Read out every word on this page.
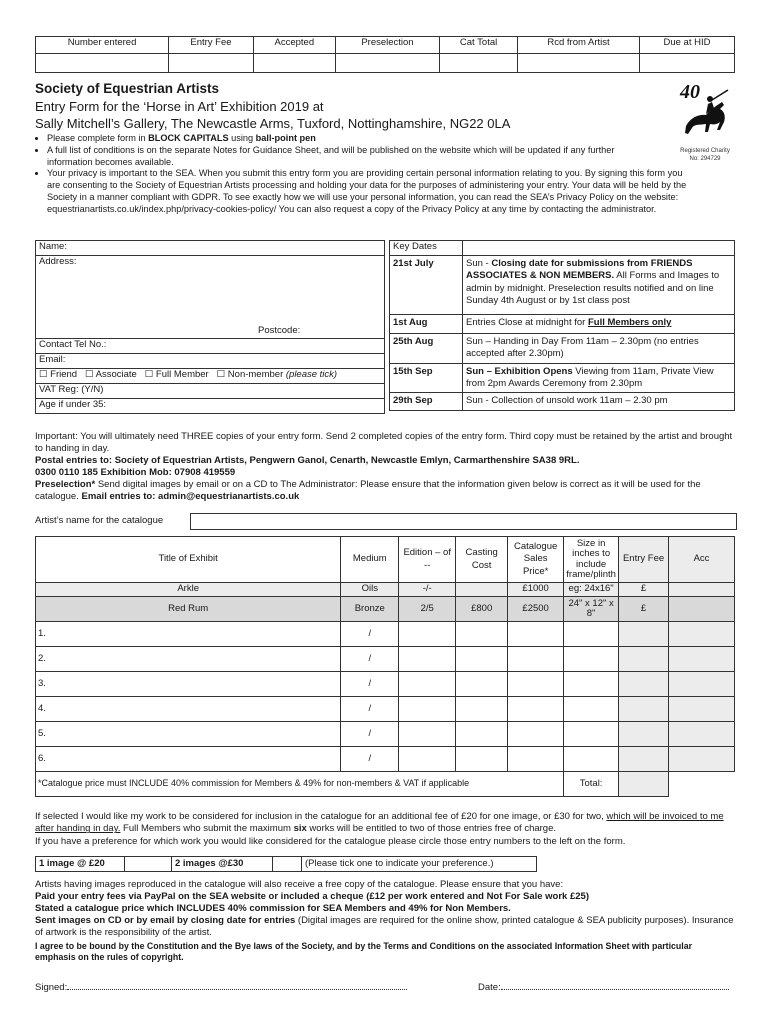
Number entered	Entry Fee	Accepted	Preselection	Cat Total	Rcd from Artist	Due at HID

Society of Equestrian Artists
Entry Form for the ‘Horse in Art’ Exhibition 2019 at
Sally Mitchell’s Gallery, The Newcastle Arms, Tuxford, Nottinghamshire, NG22 0LA
40
Registered Charity
No: 294729
• Please complete form in BLOCK CAPITALS using ball-point pen
• A full list of conditions is on the separate Notes for Guidance Sheet, and will be published on the website which will be updated if any further information becomes available.
• Your privacy is important to the SEA. When you submit this entry form you are providing certain personal information relating to you. By signing this form you are consenting to the Society of Equestrian Artists processing and holding your data for the purposes of administering your entry. Your data will be held by the Society in a manner compliant with GDPR. To see exactly how we will use your personal information, you can read the SEA’s Privacy Policy on the website: equestrianartists.co.uk/index.php/privacy-cookies-policy/ You can also request a copy of the Privacy Policy at any time by contacting the administrator.
Name:
Address:
Postcode:

Contact Tel No.:
Email:
☐ Friend ☐ Associate ☐ Full Member ☐ Non-member (please tick)
VAT Reg: (Y/N)
Age if under 35:
Key Dates	
21st July	Sun - Closing date for submissions from FRIENDS ASSOCIATES & NON MEMBERS. All Forms and Images to admin by midnight. Preselection results notified and on line Sunday 4th August or by 1st class post
1st Aug	Entries Close at midnight for Full Members only
25th Aug	Sun – Handing in Day From 11am – 2.30pm (no entries accepted after 2.30pm)
15th Sep	Sun – Exhibition Opens Viewing from 11am, Private View from 2pm Awards Ceremony from 2.30pm
29th Sep	Sun - Collection of unsold work 11am – 2.30 pm
Important: You will ultimately need THREE copies of your entry form. Send 2 completed copies of the entry form. Third copy must be retained by the artist and brought to handing in day.
Postal entries to: Society of Equestrian Artists, Pengwern Ganol, Cenarth, Newcastle Emlyn, Carmarthenshire SA38 9RL.
0300 0110 185 Exhibition Mob: 07908 419559
Preselection* Send digital images by email or on a CD to The Administrator: Please ensure that the information given below is correct as it will be used for the catalogue. Email entries to: admin@equestrianartists.co.uk
Artist’s name for the catalogue
Title of Exhibit	Medium	Edition – of --	Casting Cost	Catalogue Sales Price*	Size in inches to include frame/plinth	Entry Fee	Acc
Arkle	Oils	-/-		£1000	eg: 24x16"	£	
Red Rum	Bronze	2/5	£800	£2500	24" x 12" x 8"	£	
1.	/						
2.	/						
3.	/						
4.	/						
5.	/						
6.	/						
*Catalogue price must INCLUDE 40% commission for Members & 49% for non-members & VAT if applicable					Total:		
If selected I would like my work to be considered for inclusion in the catalogue for an additional fee of £20 for one image, or £30 for two, which will be invoiced to me after handing in day. Full Members who submit the maximum six works will be entitled to two of those entries free of charge.
If you have a preference for which work you would like considered for the catalogue please circle those entry numbers to the left on the form.
1 image @ £20		2 images @£30		(Please tick one to indicate your preference.)
Artists having images reproduced in the catalogue will also receive a free copy of the catalogue. Please ensure that you have:
Paid your entry fees via PayPal on the SEA website or included a cheque (£12 per work entered and Not For Sale work £25)
Stated a catalogue price which INCLUDES 40% commission for SEA Members and 49% for Non Members.
Sent images on CD or by email by closing date for entries (Digital images are required for the online show, printed catalogue & SEA publicity purposes). Insurance of artwork is the responsibility of the artist.
I agree to be bound by the Constitution and the Bye laws of the Society, and by the Terms and Conditions on the associated Information Sheet with particular emphasis on the rules of copyright.
Signed:	Date:
